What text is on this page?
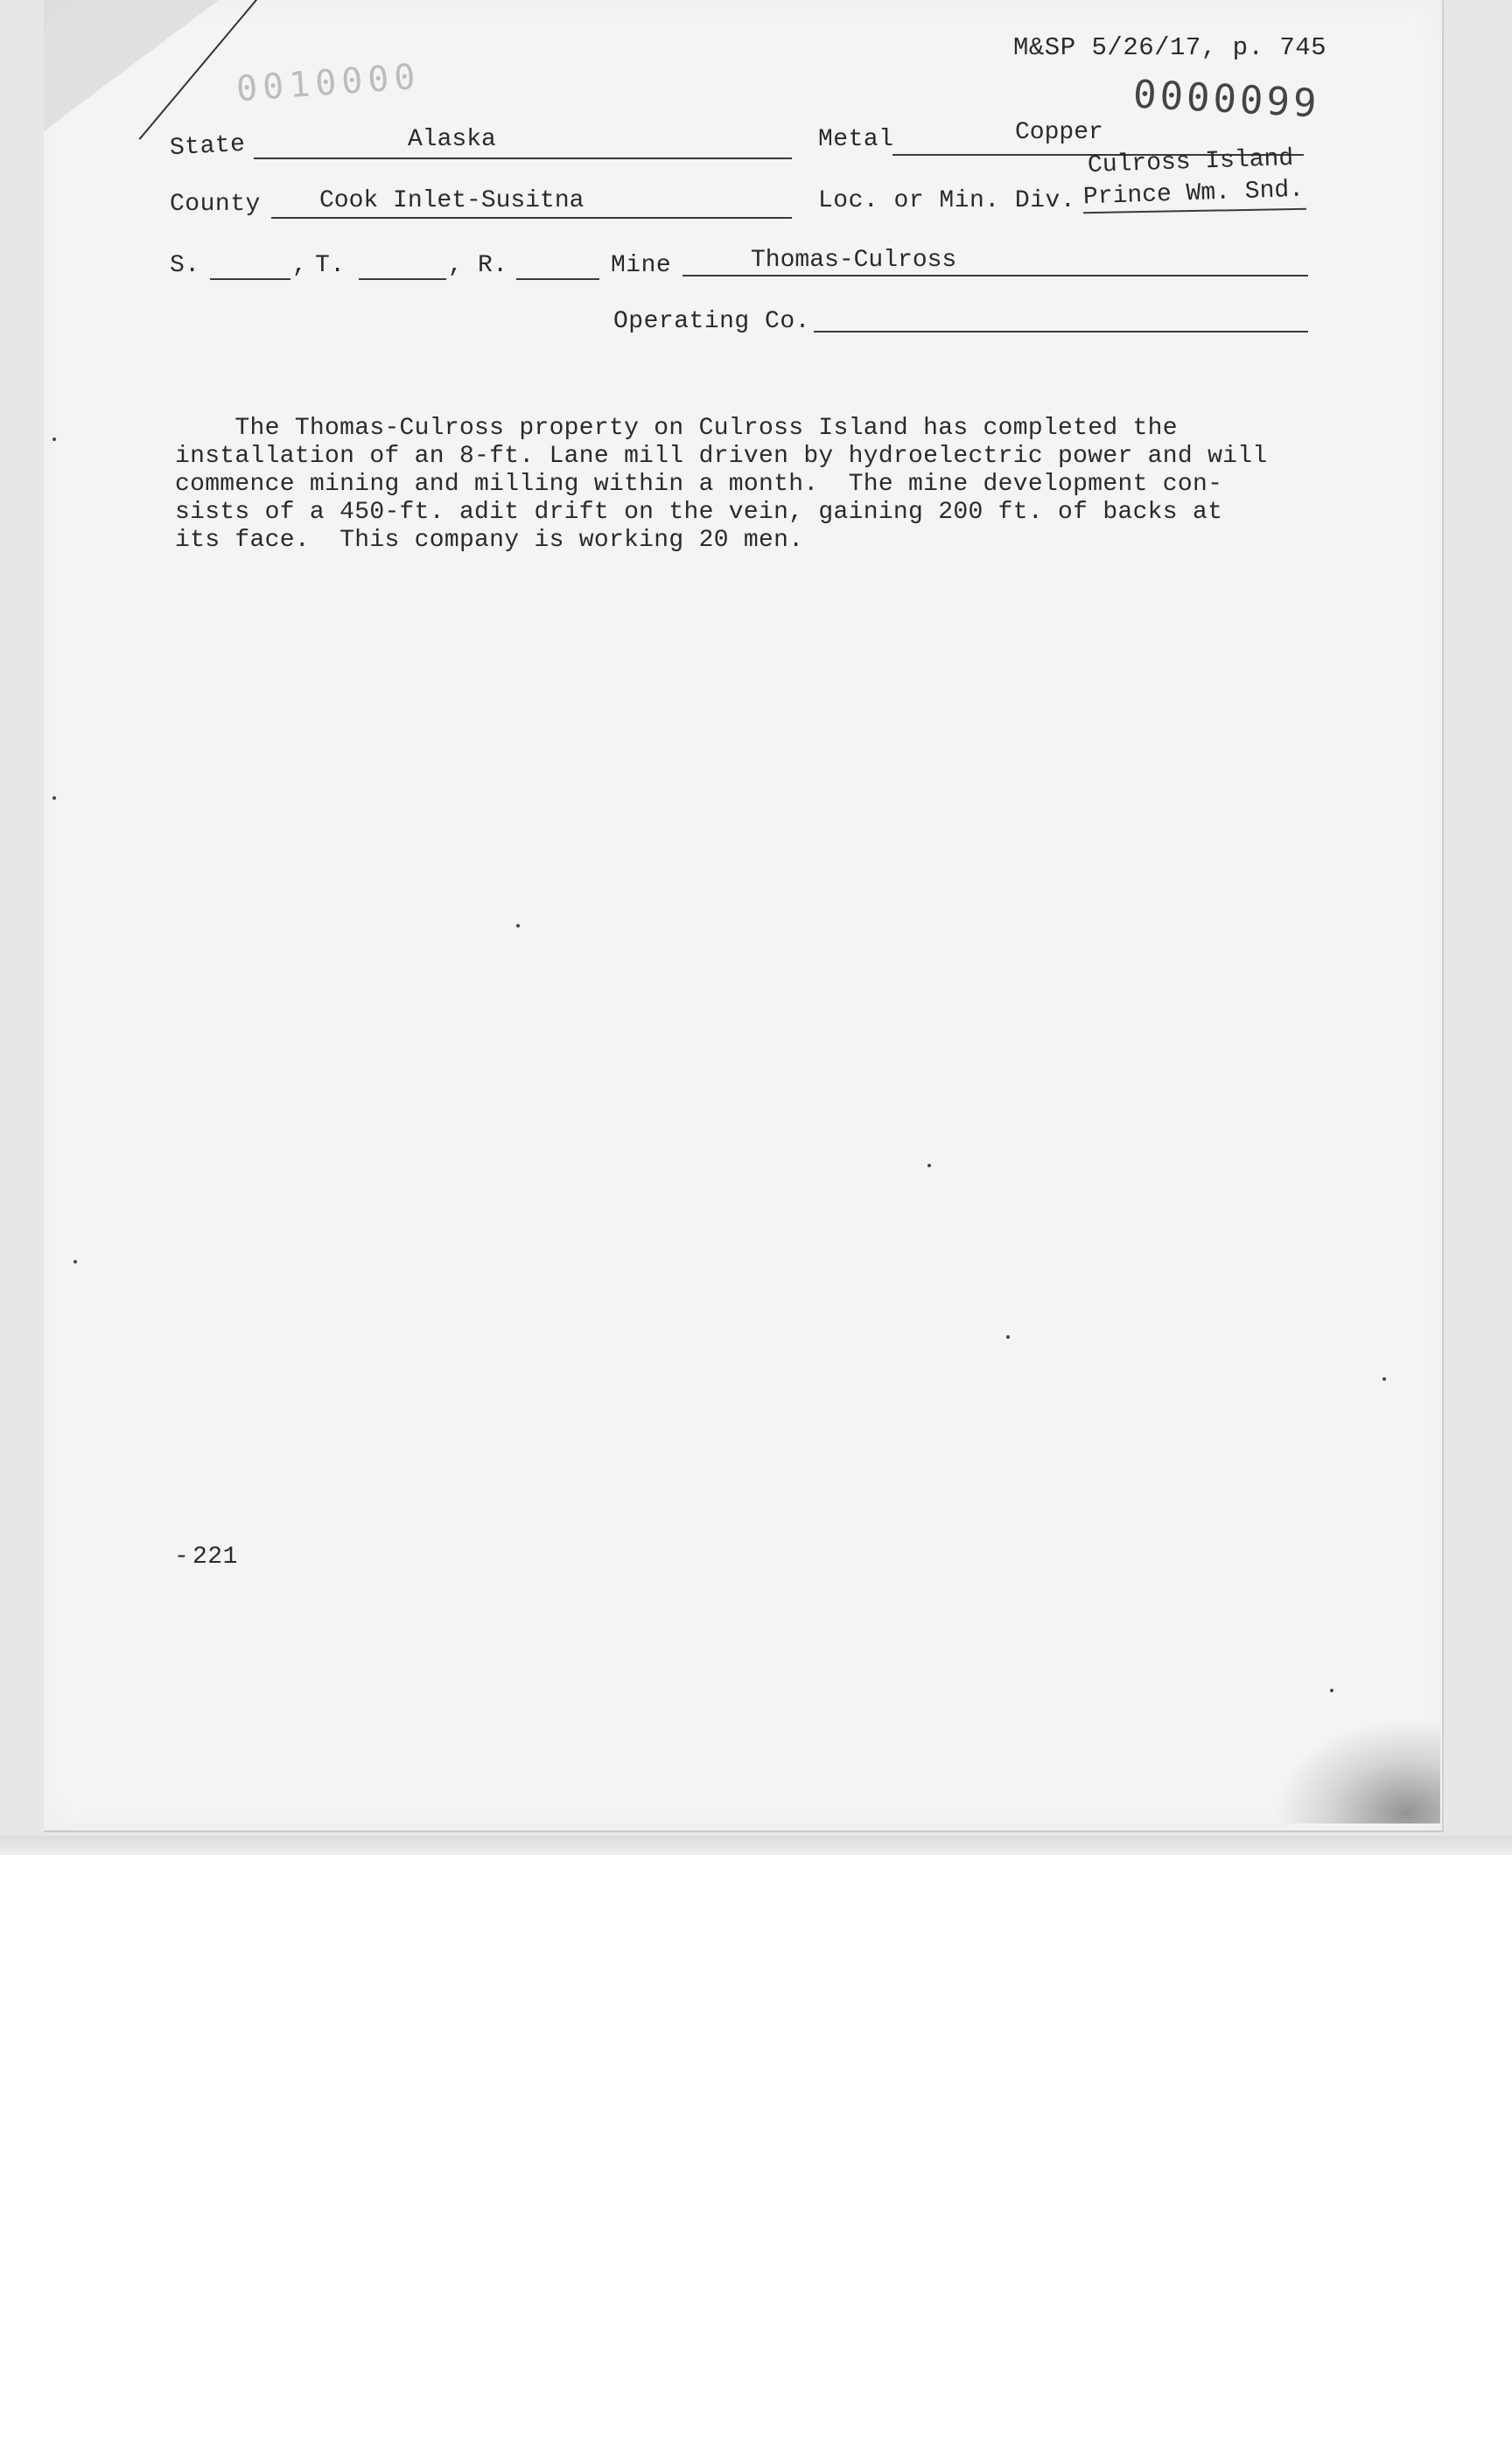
M&SP 5/26/17, p. 745
0000099
0010000
State	Alaska	Metal	Copper
County Cook Inlet-Susitna	Loc. or Min. Div.
Culross Island
Prince Wm. Snd.
S.	, T.	, R.	Mine	Thomas-Culross
Operating Co.
The Thomas-Culross property on Culross Island has completed the
installation of an 8-ft. Lane mill driven by hydroelectric power and will
commence mining and milling within a month.  The mine development con-
sists of a 450-ft. adit drift on the vein, gaining 200 ft. of backs at
its face.  This company is working 20 men.
‐ 221
